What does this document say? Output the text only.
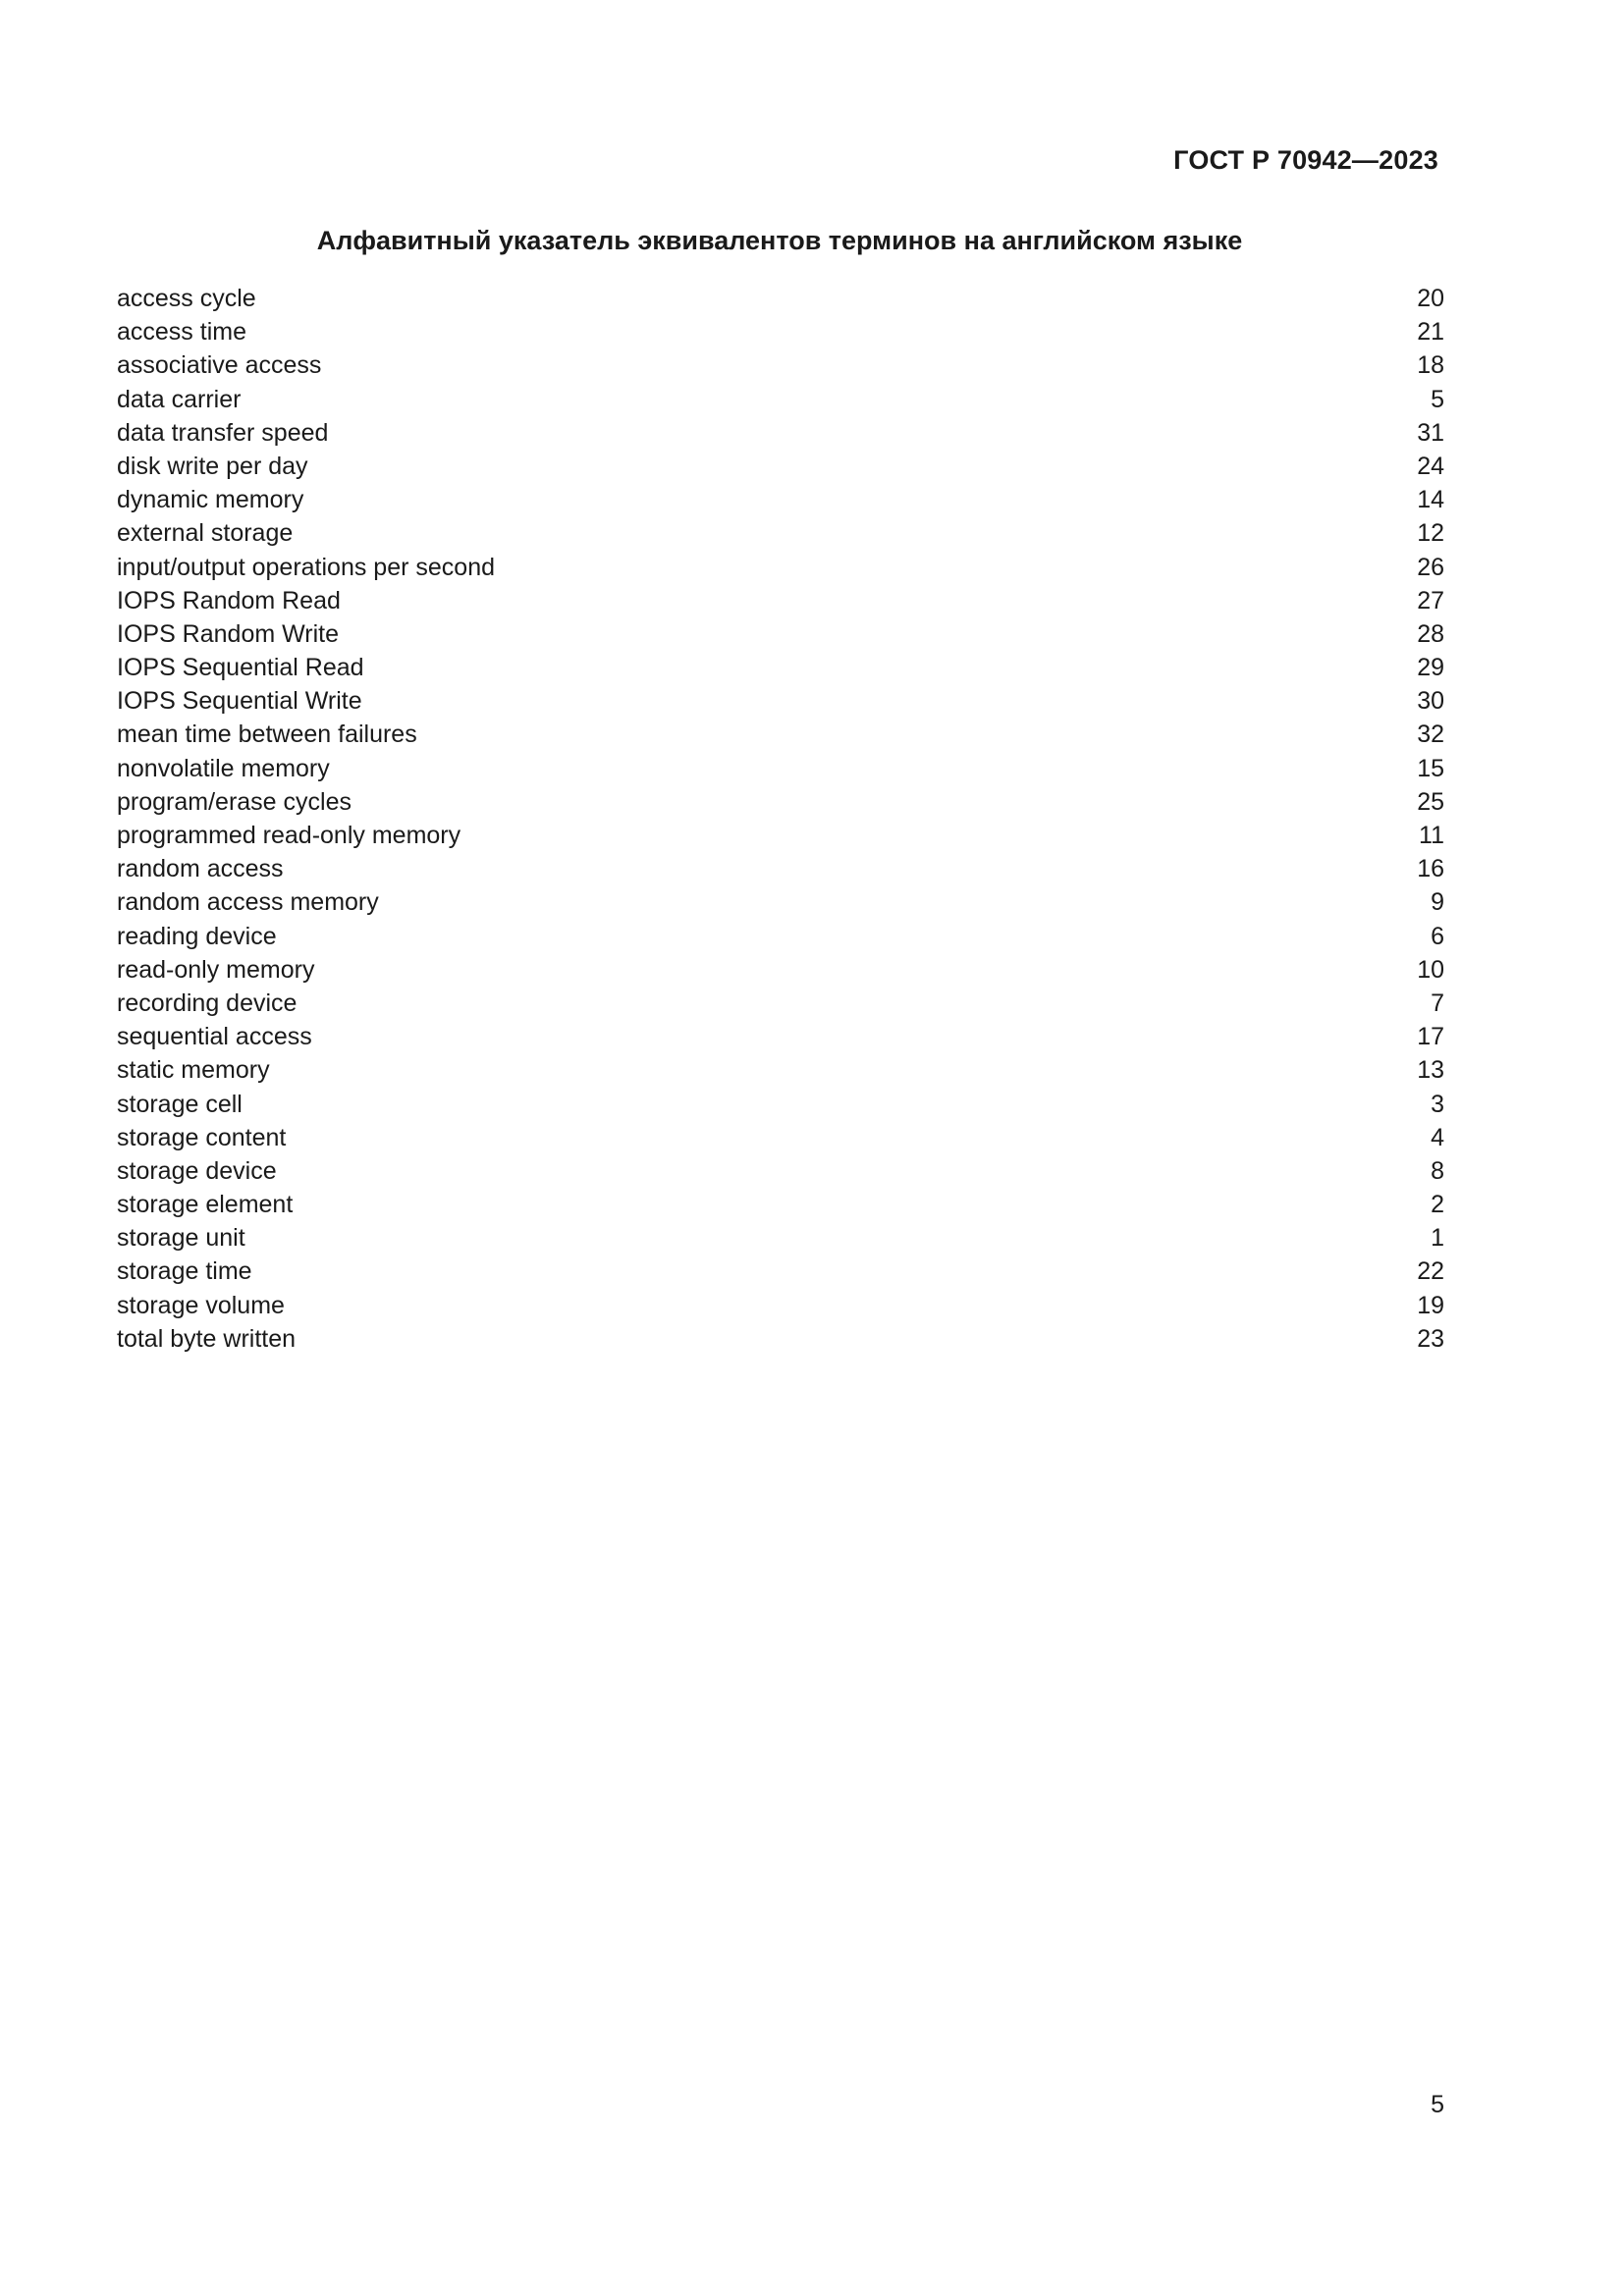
ГОСТ Р 70942—2023
Алфавитный указатель эквивалентов терминов на английском языке
access cycle	20
access time	21
associative access	18
data carrier	5
data transfer speed	31
disk write per day	24
dynamic memory	14
external storage	12
input/output operations per second	26
IOPS Random Read	27
IOPS Random Write	28
IOPS Sequential Read	29
IOPS Sequential Write	30
mean time between failures	32
nonvolatile memory	15
program/erase cycles	25
programmed read-only memory	11
random access	16
random access memory	9
reading device	6
read-only memory	10
recording device	7
sequential access	17
static memory	13
storage cell	3
storage content	4
storage device	8
storage element	2
storage unit	1
storage time	22
storage volume	19
total byte written	23
5
